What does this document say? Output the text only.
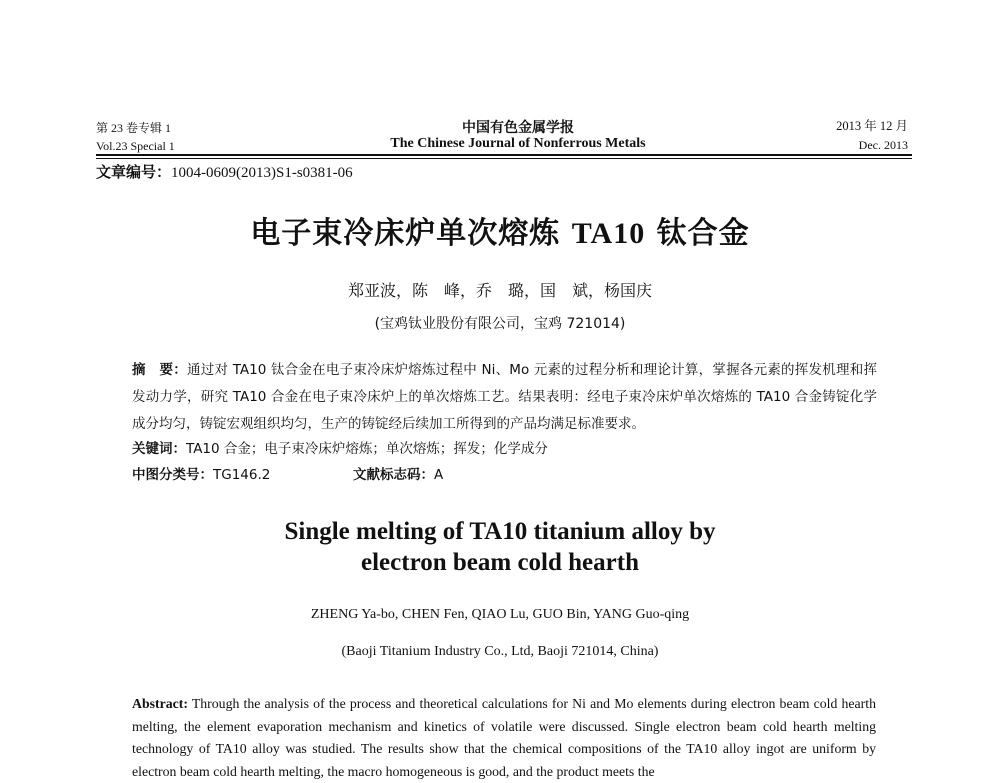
第 23 卷专辑 1
Vol.23 Special 1
中国有色金属学报
The Chinese Journal of Nonferrous Metals
2013 年 12 月
Dec. 2013
文章编号：1004-0609(2013)S1-s0381-06
电子束冷床炉单次熔炼 TA10 钛合金
郑亚波，陈　峰，乔　璐，国　斌，杨国庆
(宝鸡钛业股份有限公司，宝鸡 721014)
摘　要：通过对 TA10 钛合金在电子束冷床炉熔炼过程中 Ni、Mo 元素的过程分析和理论计算，掌握各元素的挥发机理和挥发动力学，研究 TA10 合金在电子束冷床炉上的单次熔炼工艺。结果表明：经电子束冷床炉单次熔炼的 TA10 合金铸锭化学成分均匀，铸锭宏观组织均匀，生产的铸锭经后续加工所得到的产品均满足标准要求。
关键词：TA10 合金；电子束冷床炉熔炼；单次熔炼；挥发；化学成分
中图分类号：TG146.2	文献标志码：A
Single melting of TA10 titanium alloy by
electron beam cold hearth
ZHENG Ya-bo, CHEN Fen, QIAO Lu, GUO Bin, YANG Guo-qing
(Baoji Titanium Industry Co., Ltd, Baoji 721014, China)
Abstract: Through the analysis of the process and theoretical calculations for Ni and Mo elements during electron beam cold hearth melting, the element evaporation mechanism and kinetics of volatile were discussed. Single electron beam cold hearth melting technology of TA10 alloy was studied. The results show that the chemical compositions of the TA10 alloy ingot are uniform by electron beam cold hearth melting, the macro homogeneous is good, and the product meets the
